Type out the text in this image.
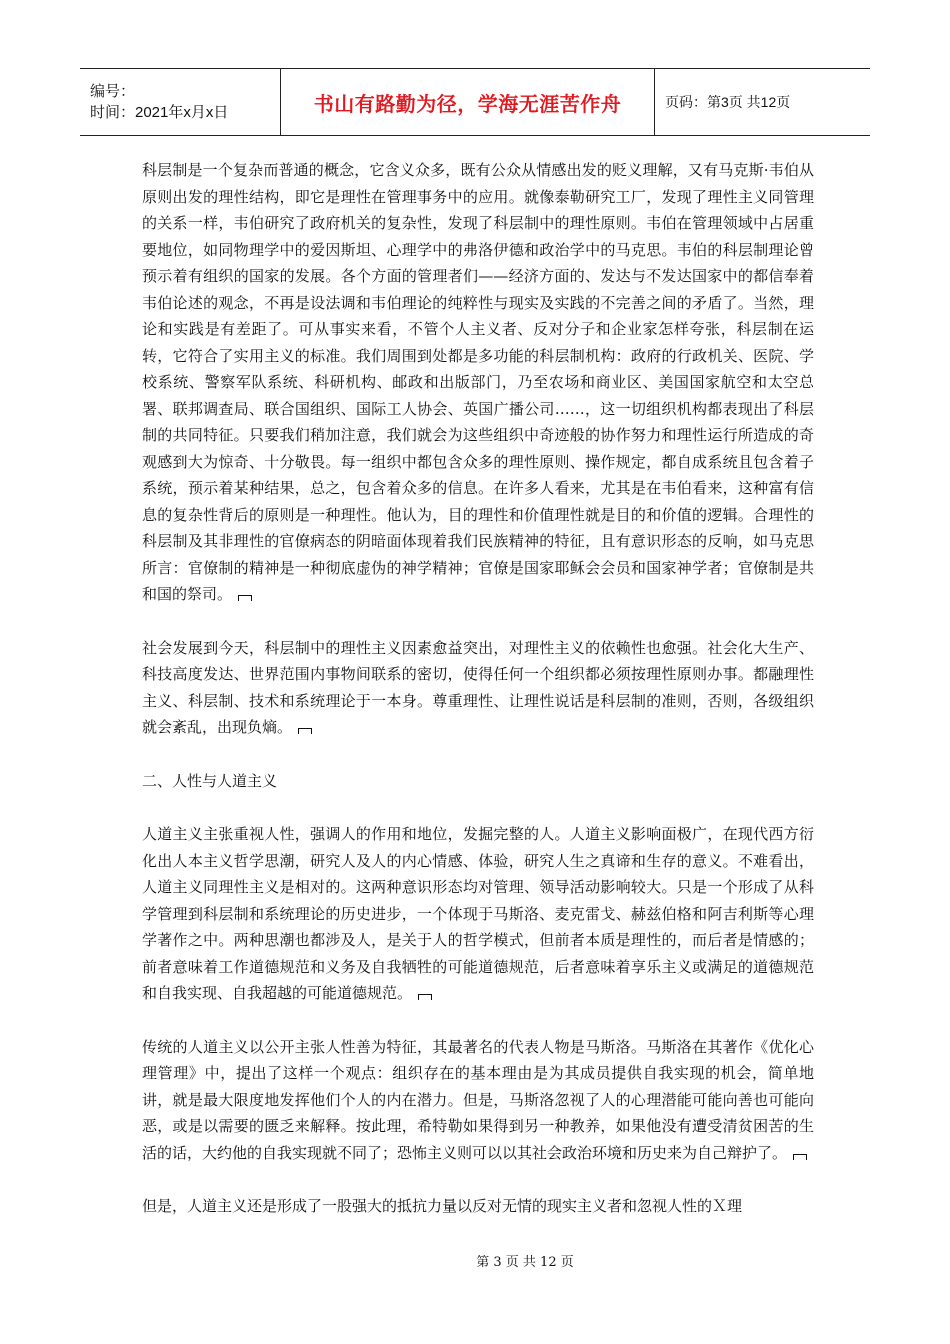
编号：
时间：2021年x月x日	书山有路勤为径，学海无涯苦作舟	页码：第3页 共12页

科层制是一个复杂而普通的概念，它含义众多，既有公众从情感出发的贬义理解，又有马克斯·韦伯从原则出发的理性结构，即它是理性在管理事务中的应用。就像泰勒研究工厂，发现了理性主义同管理的关系一样，韦伯研究了政府机关的复杂性，发现了科层制中的理性原则。韦伯在管理领域中占居重要地位，如同物理学中的爱因斯坦、心理学中的弗洛伊德和政治学中的马克思。韦伯的科层制理论曾预示着有组织的国家的发展。各个方面的管理者们——经济方面的、发达与不发达国家中的都信奉着韦伯论述的观念，不再是设法调和韦伯理论的纯粹性与现实及实践的不完善之间的矛盾了。当然，理论和实践是有差距了。可从事实来看，不管个人主义者、反对分子和企业家怎样夸张，科层制在运转，它符合了实用主义的标准。我们周围到处都是多功能的科层制机构：政府的行政机关、医院、学校系统、警察军队系统、科研机构、邮政和出版部门，乃至农场和商业区、美国国家航空和太空总署、联邦调查局、联合国组织、国际工人协会、英国广播公司……，这一切组织机构都表现出了科层制的共同特征。只要我们稍加注意，我们就会为这些组织中奇迹般的协作努力和理性运行所造成的奇观感到大为惊奇、十分敬畏。每一组织中都包含众多的理性原则、操作规定，都自成系统且包含着子系统，预示着某种结果，总之，包含着众多的信息。在许多人看来，尤其是在韦伯看来，这种富有信息的复杂性背后的原则是一种理性。他认为，目的理性和价值理性就是目的和价值的逻辑。合理性的科层制及其非理性的官僚病态的阴暗面体现着我们民族精神的特征，且有意识形态的反响，如马克思所言：官僚制的精神是一种彻底虚伪的神学精神；官僚是国家耶稣会会员和国家神学者；官僚制是共和国的祭司。

社会发展到今天，科层制中的理性主义因素愈益突出，对理性主义的依赖性也愈强。社会化大生产、科技高度发达、世界范围内事物间联系的密切，使得任何一个组织都必须按理性原则办事。都融理性主义、科层制、技术和系统理论于一本身。尊重理性、让理性说话是科层制的准则，否则，各级组织就会紊乱，出现负熵。

二、人性与人道主义

人道主义主张重视人性，强调人的作用和地位，发掘完整的人。人道主义影响面极广，在现代西方衍化出人本主义哲学思潮，研究人及人的内心情感、体验，研究人生之真谛和生存的意义。不难看出，人道主义同理性主义是相对的。这两种意识形态均对管理、领导活动影响较大。只是一个形成了从科学管理到科层制和系统理论的历史进步，一个体现于马斯洛、麦克雷戈、赫兹伯格和阿吉利斯等心理学著作之中。两种思潮也都涉及人，是关于人的哲学模式，但前者本质是理性的，而后者是情感的；前者意味着工作道德规范和义务及自我牺牲的可能道德规范，后者意味着享乐主义或满足的道德规范和自我实现、自我超越的可能道德规范。

传统的人道主义以公开主张人性善为特征，其最著名的代表人物是马斯洛。马斯洛在其著作《优化心理管理》中，提出了这样一个观点：组织存在的基本理由是为其成员提供自我实现的机会，简单地讲，就是最大限度地发挥他们个人的内在潜力。但是，马斯洛忽视了人的心理潜能可能向善也可能向恶，或是以需要的匮乏来解释。按此理，希特勒如果得到另一种教养，如果他没有遭受清贫困苦的生活的话，大约他的自我实现就不同了；恐怖主义则可以以其社会政治环境和历史来为自己辩护了。

但是，人道主义还是形成了一股强大的抵抗力量以反对无情的现实主义者和忽视人性的Ｘ理

第 3 页 共 12 页
